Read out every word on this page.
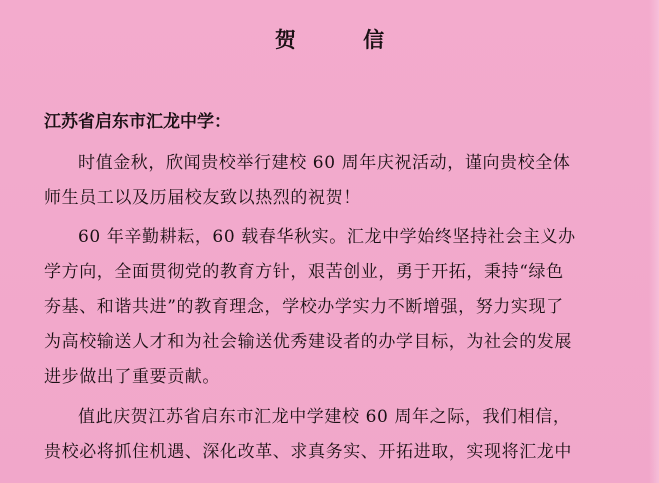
贺 信
江苏省启东市汇龙中学：
时值金秋，欣闻贵校举行建校 60 周年庆祝活动，谨向贵校全体
师生员工以及历届校友致以热烈的祝贺！
60 年辛勤耕耘，60 载春华秋实。汇龙中学始终坚持社会主义办
学方向，全面贯彻党的教育方针，艰苦创业，勇于开拓，秉持“绿色
夯基、和谐共进”的教育理念，学校办学实力不断增强，努力实现了
为高校输送人才和为社会输送优秀建设者的办学目标，为社会的发展
进步做出了重要贡献。
值此庆贺江苏省启东市汇龙中学建校 60 周年之际，我们相信，
贵校必将抓住机遇、深化改革、求真务实、开拓进取，实现将汇龙中
